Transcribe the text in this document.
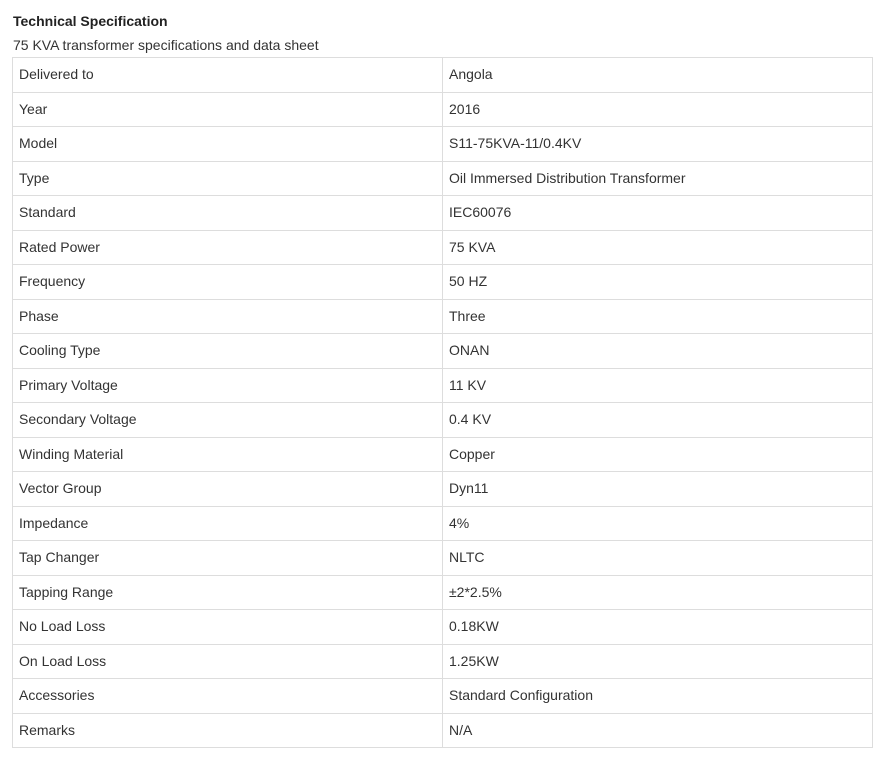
Technical Specification
75 KVA transformer specifications and data sheet
Delivered to	Angola
Year	2016
Model	S11-75KVA-11/0.4KV
Type	Oil Immersed Distribution Transformer
Standard	IEC60076
Rated Power	75 KVA
Frequency	50 HZ
Phase	Three
Cooling Type	ONAN
Primary Voltage	11 KV
Secondary Voltage	0.4 KV
Winding Material	Copper
Vector Group	Dyn11
Impedance	4%
Tap Changer	NLTC
Tapping Range	±2*2.5%
No Load Loss	0.18KW
On Load Loss	1.25KW
Accessories	Standard Configuration
Remarks	N/A
